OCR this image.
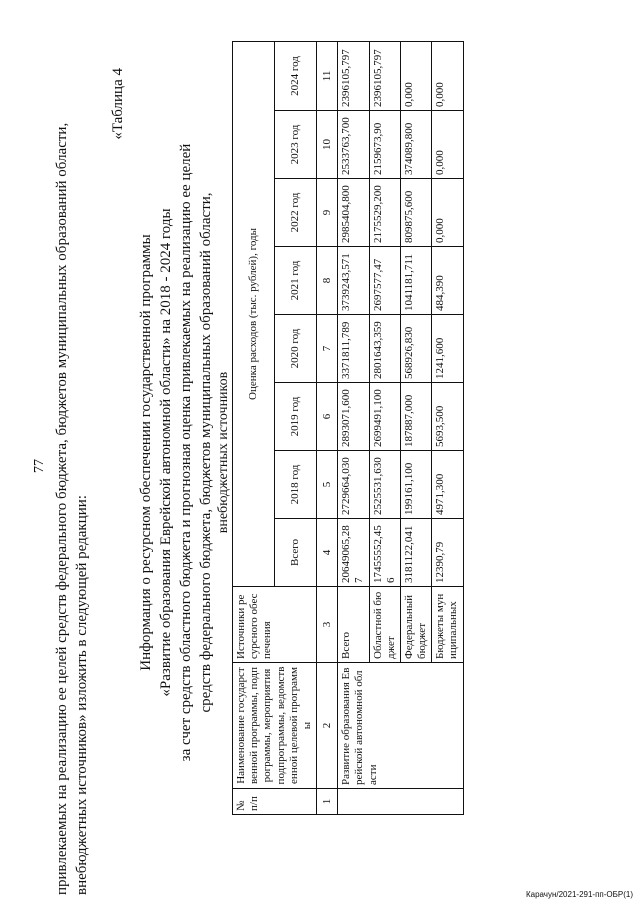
77 привлекаемых на реализацию ее целей средств федерального бюджета, бюджетов муниципальных образований области, внебюджетных источников» изложить в следующей редакции:
«Таблица 4
Информация о ресурсном обеспечении государственной программы «Развитие образования Еврейской автономной области» на 2018 - 2024 годы за счет средств областного бюджета и прогнозная оценка привлекаемых на реализацию ее целей средств федерального бюджета, бюджетов муниципальных образований области, внебюджетных источников
№ п/п	Наименование государственной программы, подпрограммы, мероприятия подпрограммы, ведомственной целевой программы	Источники ресурсного обеспечения	Оценка расходов (тыс. рублей), годы							
			Всего	2018 год	2019 год	2020 год	2021 год	2022 год	2023 год	2024 год
1	2	3	4	5	6	7	8	9	10	11
	Развитие образования Еврейской автономной области	Всего	20649065,287	2729664,030	2893071,600	3371811,789	3739243,571	2985404,800	2533763,700	2396105,797
		Областной бюджет	17455552,456	2525531,630	2699491,100	2801643,359	2697577,47	2175529,200	2159673,90	2396105,797
		Федеральный бюджет	3181122,041	199161,100	187887,000	568926,830	1041181,711	809875,600	374089,800	0,000
		Бюджеты муниципальных	12390,79	4971,300	5693,500	1241,600	484,390	0,000	0,000	0,000
Карачун/2021-291-пп-ОБР(1)
